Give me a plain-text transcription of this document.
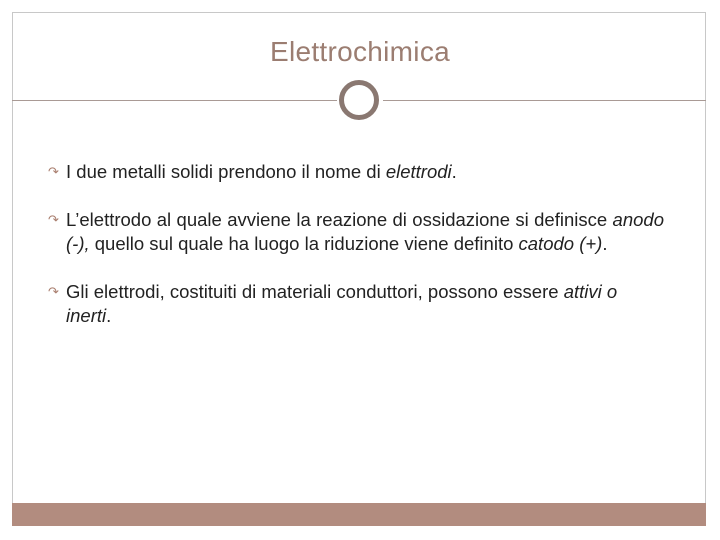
Elettrochimica
↷ I due metalli solidi prendono il nome di elettrodi.
↷ L’elettrodo al quale avviene la reazione di ossidazione si definisce anodo (-), quello sul quale ha luogo la riduzione viene definito catodo (+).
↷ Gli elettrodi, costituiti di materiali conduttori, possono essere attivi o inerti.
